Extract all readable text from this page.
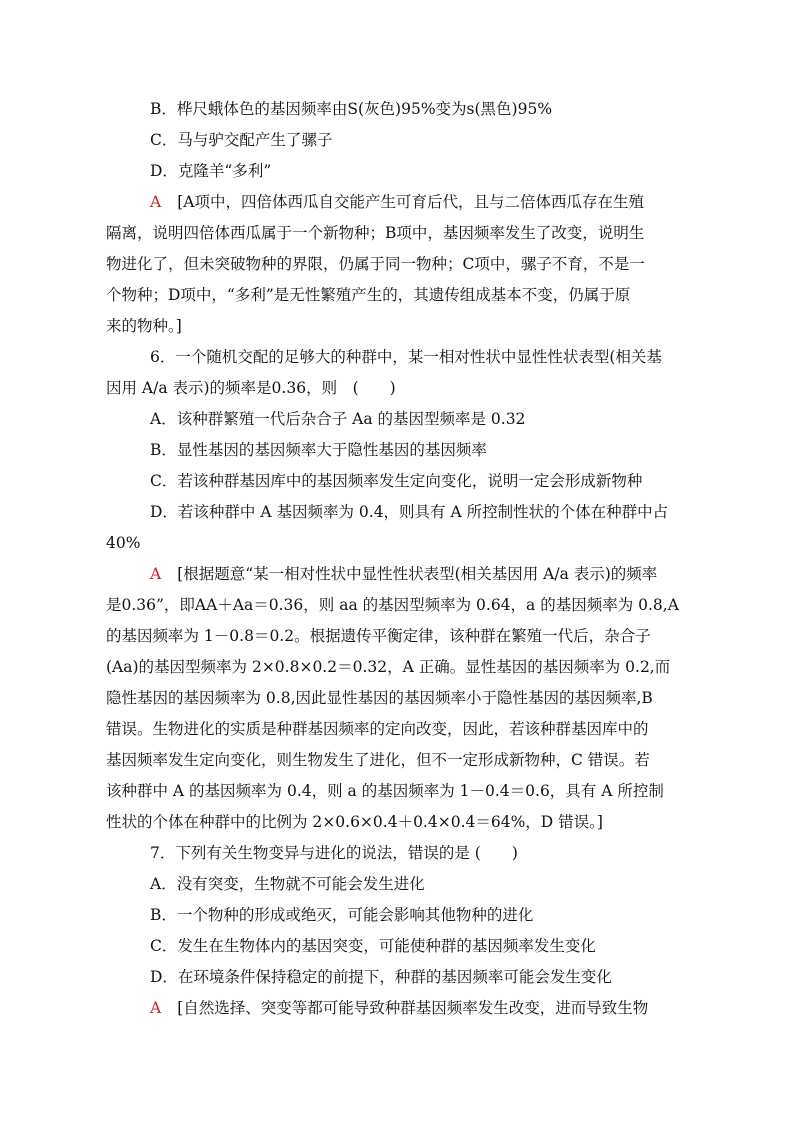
B．桦尺蛾体色的基因频率由S(灰色)95%变为s(黑色)95%
C．马与驴交配产生了骡子
D．克隆羊“多利”
A [A项中，四倍体西瓜自交能产生可育后代，且与二倍体西瓜存在生殖
隔离，说明四倍体西瓜属于一个新物种；B项中，基因频率发生了改变，说明生
物进化了，但未突破物种的界限，仍属于同一物种；C项中，骡子不育，不是一
个物种；D项中，“多利”是无性繁殖产生的，其遗传组成基本不变，仍属于原
来的物种。]
6．一个随机交配的足够大的种群中，某一相对性状中显性性状表型(相关基
因用 A/a 表示)的频率是0.36，则　(　　)
A．该种群繁殖一代后杂合子 Aa 的基因型频率是 0.32
B．显性基因的基因频率大于隐性基因的基因频率
C．若该种群基因库中的基因频率发生定向变化，说明一定会形成新物种
D．若该种群中 A 基因频率为 0.4，则具有 A 所控制性状的个体在种群中占
40%
A [根据题意“某一相对性状中显性性状表型(相关基因用 A/a 表示)的频率
是0.36”，即AA＋Aa＝0.36，则 aa 的基因型频率为 0.64，a 的基因频率为 0.8,A
的基因频率为 1－0.8＝0.2。根据遗传平衡定律，该种群在繁殖一代后，杂合子
(Aa)的基因型频率为 2×0.8×0.2＝0.32，A 正确。显性基因的基因频率为 0.2,而
隐性基因的基因频率为 0.8,因此显性基因的基因频率小于隐性基因的基因频率,B
错误。生物进化的实质是种群基因频率的定向改变，因此，若该种群基因库中的
基因频率发生定向变化，则生物发生了进化，但不一定形成新物种，C 错误。若
该种群中 A 的基因频率为 0.4，则 a 的基因频率为 1－0.4＝0.6，具有 A 所控制
性状的个体在种群中的比例为 2×0.6×0.4＋0.4×0.4＝64%，D 错误。]
7．下列有关生物变异与进化的说法，错误的是 (　　)
A．没有突变，生物就不可能会发生进化
B．一个物种的形成或绝灭，可能会影响其他物种的进化
C．发生在生物体内的基因突变，可能使种群的基因频率发生变化
D．在环境条件保持稳定的前提下，种群的基因频率可能会发生变化
A [自然选择、突变等都可能导致种群基因频率发生改变，进而导致生物
